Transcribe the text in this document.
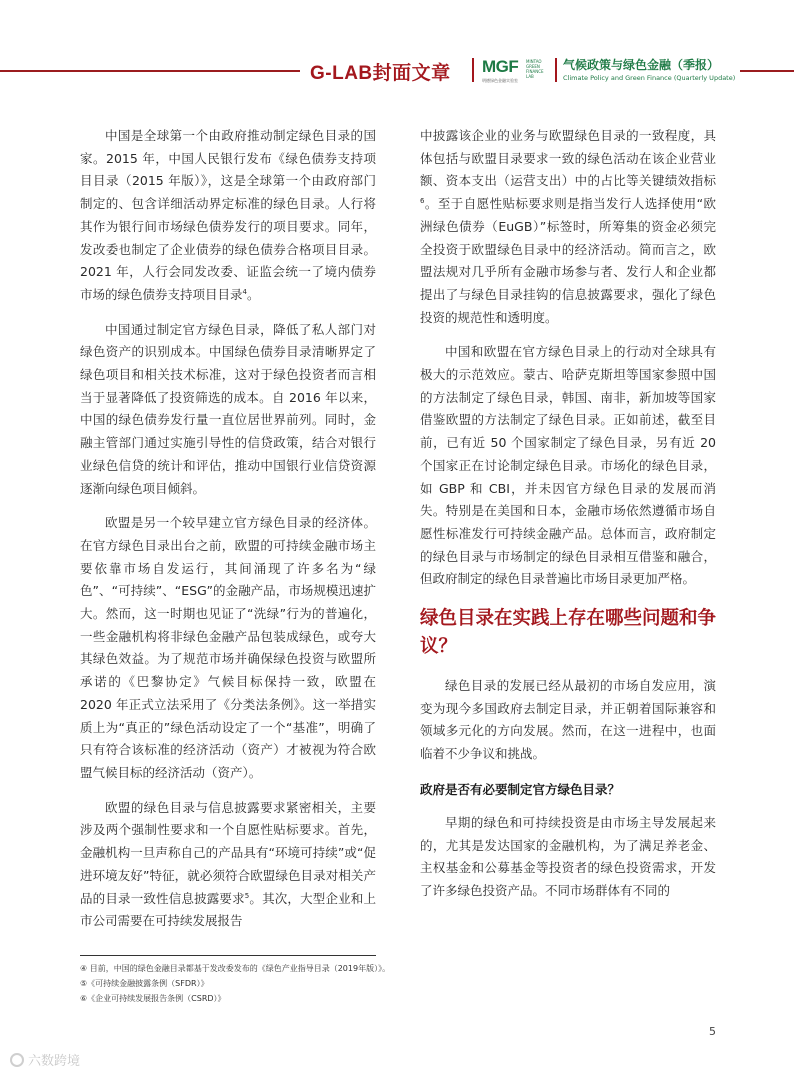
G-LAB封面文章 MGF MINTAO GREEN FINANCE LAB
明德绿色金融实验室
气候政策与绿色金融（季报）
Climate Policy and Green Finance (Quarterly Update)

中国是全球第一个由政府推动制定绿色目录的国家。2015 年，中国人民银行发布《绿色债券支持项目目录（2015 年版）》，这是全球第一个由政府部门制定的、包含详细活动界定标准的绿色目录。人行将其作为银行间市场绿色债券发行的项目要求。同年，发改委也制定了企业债券的绿色债券合格项目目录。2021 年，人行会同发改委、证监会统一了境内债券市场的绿色债券支持项目目录$^4$。

中国通过制定官方绿色目录，降低了私人部门对绿色资产的识别成本。中国绿色债券目录清晰界定了绿色项目和相关技术标准，这对于绿色投资者而言相当于显著降低了投资筛选的成本。自 2016 年以来，中国的绿色债券发行量一直位居世界前列。同时，金融主管部门通过实施引导性的信贷政策，结合对银行业绿色信贷的统计和评估，推动中国银行业信贷资源逐渐向绿色项目倾斜。

欧盟是另一个较早建立官方绿色目录的经济体。在官方绿色目录出台之前，欧盟的可持续金融市场主要依靠市场自发运行，其间涌现了许多名为“绿色”、“可持续”、“ESG”的金融产品，市场规模迅速扩大。然而，这一时期也见证了“洗绿”行为的普遍化，一些金融机构将非绿色金融产品包装成绿色，或夸大其绿色效益。为了规范市场并确保绿色投资与欧盟所承诺的《巴黎协定》气候目标保持一致，欧盟在 2020 年正式立法采用了《分类法条例》。这一举措实质上为“真正的”绿色活动设定了一个“基准”，明确了只有符合该标准的经济活动（资产）才被视为符合欧盟气候目标的经济活动（资产）。

欧盟的绿色目录与信息披露要求紧密相关，主要涉及两个强制性要求和一个自愿性贴标要求。首先，金融机构一旦声称自己的产品具有“环境可持续”或“促进环境友好”特征，就必须符合欧盟绿色目录对相关产品的目录一致性信息披露要求$^5$。其次，大型企业和上市公司需要在可持续发展报告

中披露该企业的业务与欧盟绿色目录的一致程度，具体包括与欧盟目录要求一致的绿色活动在该企业营业额、资本支出（运营支出）中的占比等关键绩效指标$^6$。至于自愿性贴标要求则是指当发行人选择使用“欧洲绿色债券（EuGB）”标签时，所筹集的资金必须完全投资于欧盟绿色目录中的经济活动。简而言之，欧盟法规对几乎所有金融市场参与者、发行人和企业都提出了与绿色目录挂钩的信息披露要求，强化了绿色投资的规范性和透明度。

中国和欧盟在官方绿色目录上的行动对全球具有极大的示范效应。蒙古、哈萨克斯坦等国家参照中国的方法制定了绿色目录，韩国、南非，新加坡等国家借鉴欧盟的方法制定了绿色目录。正如前述，截至目前，已有近 50 个国家制定了绿色目录，另有近 20 个国家正在讨论制定绿色目录。市场化的绿色目录，如 GBP 和 CBI，并未因官方绿色目录的发展而消失。特别是在美国和日本，金融市场依然遵循市场自愿性标准发行可持续金融产品。总体而言，政府制定的绿色目录与市场制定的绿色目录相互借鉴和融合，但政府制定的绿色目录普遍比市场目录更加严格。

绿色目录在实践上存在哪些问题和争议？

绿色目录的发展已经从最初的市场自发应用，演变为现今多国政府去制定目录，并正朝着国际兼容和领域多元化的方向发展。然而，在这一进程中，也面临着不少争议和挑战。

政府是否有必要制定官方绿色目录？

早期的绿色和可持续投资是由市场主导发展起来的，尤其是发达国家的金融机构，为了满足养老金、主权基金和公募基金等投资者的绿色投资需求，开发了许多绿色投资产品。不同市场群体有不同的

④ 目前，中国的绿色金融目录都基于发改委发布的《绿色产业指导目录（2019年版）》。
⑤《可持续金融披露条例（SFDR）》
⑥《企业可持续发展报告条例（CSRD）》
5
六数跨境
